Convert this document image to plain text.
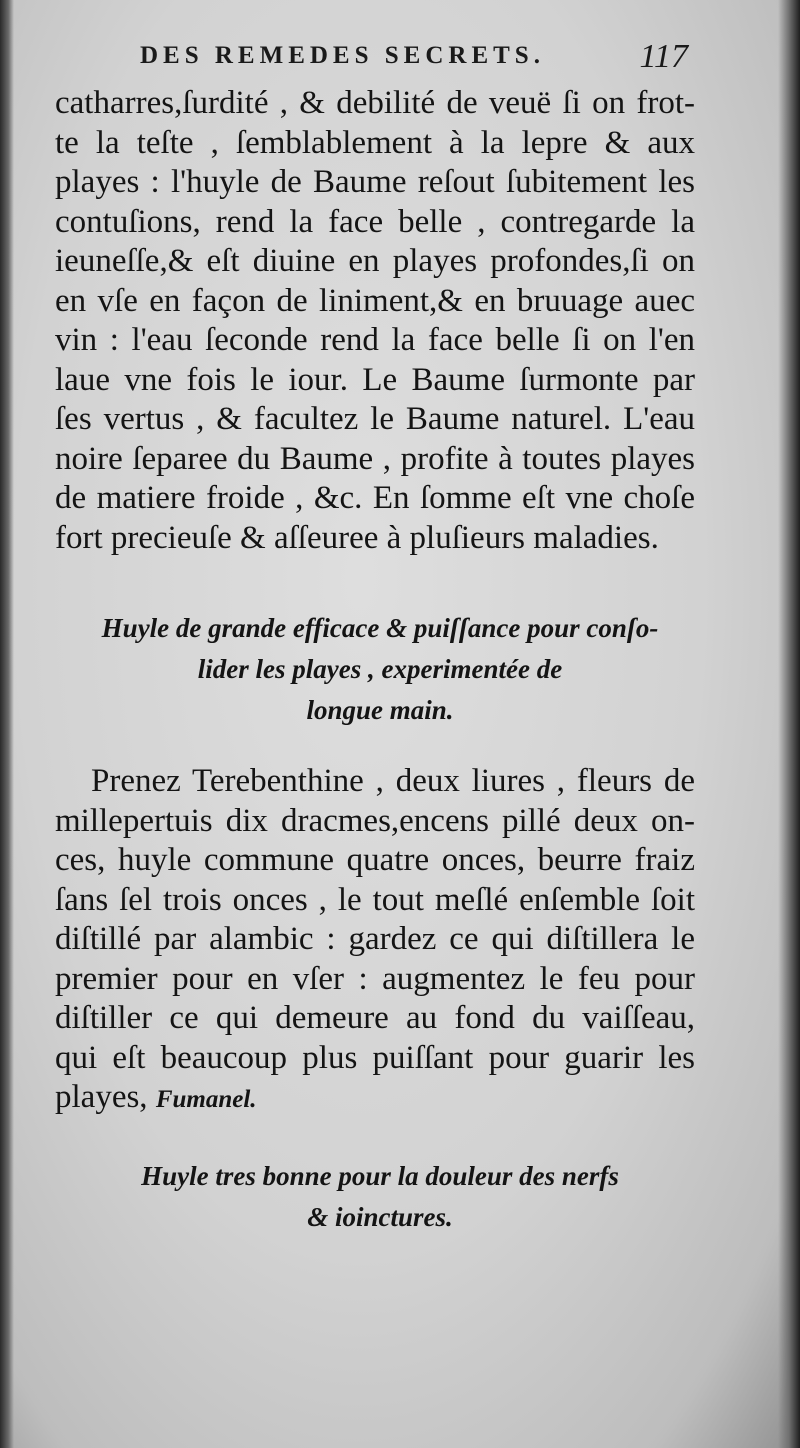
DES REMEDES SECRETS.	117
catharres,ſurdité , & debilité de veuë ſi on frot-
te la teſte , ſemblablement à la lepre & aux
playes : l'huyle de Baume reſout ſubitement les
contuſions, rend la face belle , contregarde la
ieuneſſe,& eſt diuine en playes profondes,ſi on
en vſe en façon de liniment,& en bruuage auec
vin : l'eau ſeconde rend la face belle ſi on l'en
laue vne fois le iour. Le Baume ſurmonte par
ſes vertus , & facultez le Baume naturel. L'eau
noire ſeparee du Baume , profite à toutes playes
de matiere froide , &c. En ſomme eſt vne choſe
fort precieuſe & aſſeuree à pluſieurs maladies.
Huyle de grande efficace & puiſſance pour conſo-
lider les playes , experimentée de
longue main.
Prenez Terebenthine , deux liures , fleurs de
millepertuis dix dracmes,encens pillé deux on-
ces, huyle commune quatre onces, beurre fraiz
ſans ſel trois onces , le tout meſlé enſemble ſoit
diſtillé par alambic : gardez ce qui diſtillera le
premier pour en vſer : augmentez le feu pour
diſtiller ce qui demeure au fond du vaiſſeau,
qui eſt beaucoup plus puiſſant pour guarir les
playes, Fumanel.
Huyle tres bonne pour la douleur des nerfs
& ioinctures.
